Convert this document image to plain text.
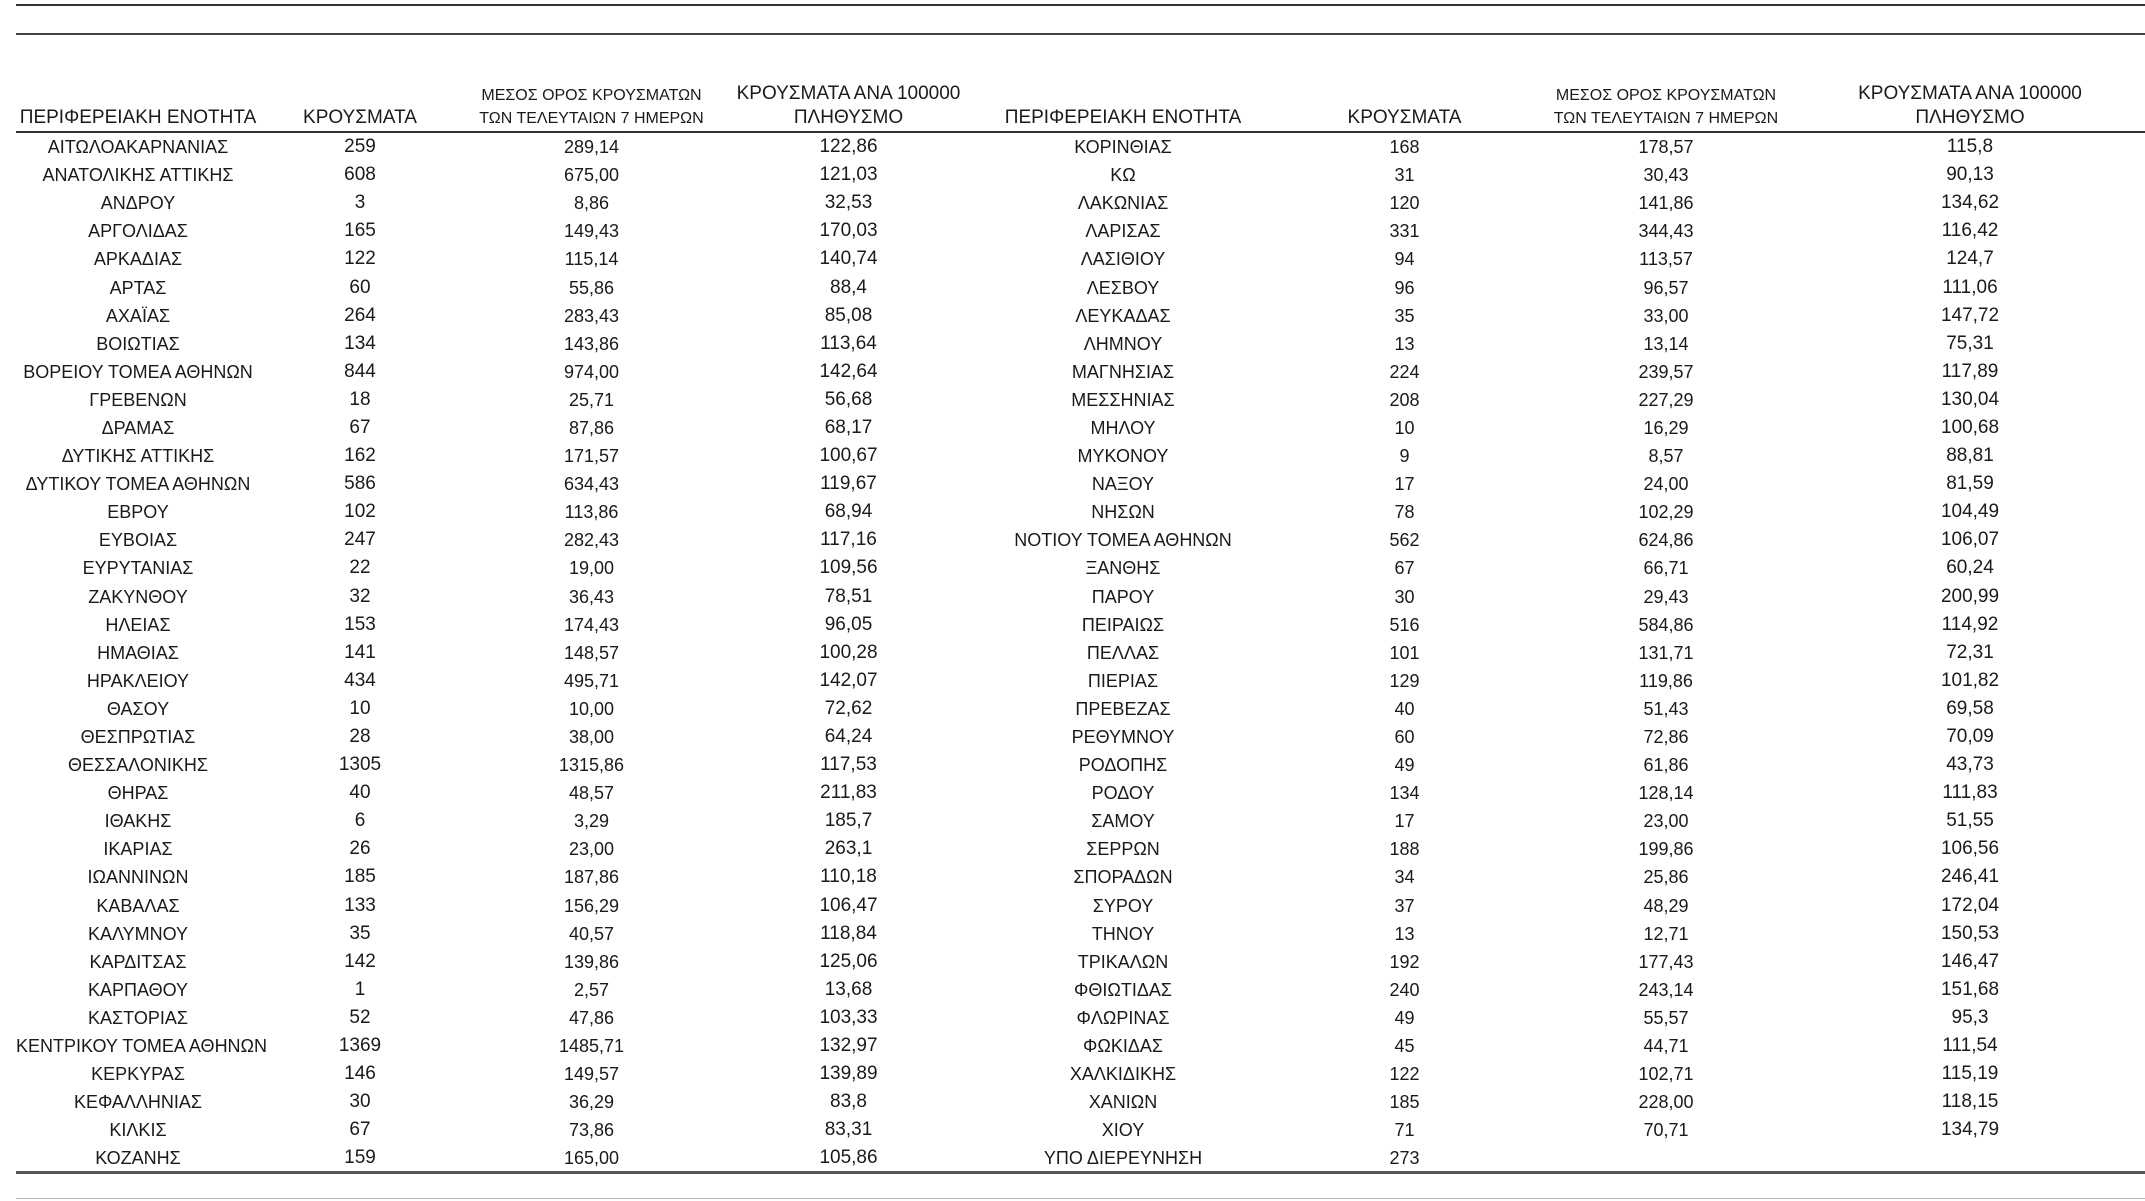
ΠΕΡΙΦΕΡΕΙΑΚΗ ΕΝΟΤΗΤΑ	ΚΡΟΥΣΜΑΤΑ	ΜΕΣΟΣ ΟΡΟΣ ΚΡΟΥΣΜΑΤΩΝ
ΤΩΝ ΤΕΛΕΥΤΑΙΩΝ 7 ΗΜΕΡΩΝ	ΚΡΟΥΣΜΑΤΑ ΑΝΑ 100000
ΠΛΗΘΥΣΜΟ	ΠΕΡΙΦΕΡΕΙΑΚΗ ΕΝΟΤΗΤΑ	ΚΡΟΥΣΜΑΤΑ	ΜΕΣΟΣ ΟΡΟΣ ΚΡΟΥΣΜΑΤΩΝ
ΤΩΝ ΤΕΛΕΥΤΑΙΩΝ 7 ΗΜΕΡΩΝ	ΚΡΟΥΣΜΑΤΑ ΑΝΑ 100000
ΠΛΗΘΥΣΜΟ

ΑΙΤΩΛΟΑΚΑΡΝΑΝΙΑΣ	259	289,14	122,86	ΚΟΡΙΝΘΙΑΣ	168	178,57	115,8
ΑΝΑΤΟΛΙΚΗΣ ΑΤΤΙΚΗΣ	608	675,00	121,03	ΚΩ	31	30,43	90,13
ΑΝΔΡΟΥ	3	8,86	32,53	ΛΑΚΩΝΙΑΣ	120	141,86	134,62
ΑΡΓΟΛΙΔΑΣ	165	149,43	170,03	ΛΑΡΙΣΑΣ	331	344,43	116,42
ΑΡΚΑΔΙΑΣ	122	115,14	140,74	ΛΑΣΙΘΙΟΥ	94	113,57	124,7
ΑΡΤΑΣ	60	55,86	88,4	ΛΕΣΒΟΥ	96	96,57	111,06
ΑΧΑΪΑΣ	264	283,43	85,08	ΛΕΥΚΑΔΑΣ	35	33,00	147,72
ΒΟΙΩΤΙΑΣ	134	143,86	113,64	ΛΗΜΝΟΥ	13	13,14	75,31
ΒΟΡΕΙΟΥ ΤΟΜΕΑ ΑΘΗΝΩΝ	844	974,00	142,64	ΜΑΓΝΗΣΙΑΣ	224	239,57	117,89
ΓΡΕΒΕΝΩΝ	18	25,71	56,68	ΜΕΣΣΗΝΙΑΣ	208	227,29	130,04
ΔΡΑΜΑΣ	67	87,86	68,17	ΜΗΛΟΥ	10	16,29	100,68
ΔΥΤΙΚΗΣ ΑΤΤΙΚΗΣ	162	171,57	100,67	ΜΥΚΟΝΟΥ	9	8,57	88,81
ΔΥΤΙΚΟΥ ΤΟΜΕΑ ΑΘΗΝΩΝ	586	634,43	119,67	ΝΑΞΟΥ	17	24,00	81,59
ΕΒΡΟΥ	102	113,86	68,94	ΝΗΣΩΝ	78	102,29	104,49
ΕΥΒΟΙΑΣ	247	282,43	117,16	ΝΟΤΙΟΥ ΤΟΜΕΑ ΑΘΗΝΩΝ	562	624,86	106,07
ΕΥΡΥΤΑΝΙΑΣ	22	19,00	109,56	ΞΑΝΘΗΣ	67	66,71	60,24
ΖΑΚΥΝΘΟΥ	32	36,43	78,51	ΠΑΡΟΥ	30	29,43	200,99
ΗΛΕΙΑΣ	153	174,43	96,05	ΠΕΙΡΑΙΩΣ	516	584,86	114,92
ΗΜΑΘΙΑΣ	141	148,57	100,28	ΠΕΛΛΑΣ	101	131,71	72,31
ΗΡΑΚΛΕΙΟΥ	434	495,71	142,07	ΠΙΕΡΙΑΣ	129	119,86	101,82
ΘΑΣΟΥ	10	10,00	72,62	ΠΡΕΒΕΖΑΣ	40	51,43	69,58
ΘΕΣΠΡΩΤΙΑΣ	28	38,00	64,24	ΡΕΘΥΜΝΟΥ	60	72,86	70,09
ΘΕΣΣΑΛΟΝΙΚΗΣ	1305	1315,86	117,53	ΡΟΔΟΠΗΣ	49	61,86	43,73
ΘΗΡΑΣ	40	48,57	211,83	ΡΟΔΟΥ	134	128,14	111,83
ΙΘΑΚΗΣ	6	3,29	185,7	ΣΑΜΟΥ	17	23,00	51,55
ΙΚΑΡΙΑΣ	26	23,00	263,1	ΣΕΡΡΩΝ	188	199,86	106,56
ΙΩΑΝΝΙΝΩΝ	185	187,86	110,18	ΣΠΟΡΑΔΩΝ	34	25,86	246,41
ΚΑΒΑΛΑΣ	133	156,29	106,47	ΣΥΡΟΥ	37	48,29	172,04
ΚΑΛΥΜΝΟΥ	35	40,57	118,84	ΤΗΝΟΥ	13	12,71	150,53
ΚΑΡΔΙΤΣΑΣ	142	139,86	125,06	ΤΡΙΚΑΛΩΝ	192	177,43	146,47
ΚΑΡΠΑΘΟΥ	1	2,57	13,68	ΦΘΙΩΤΙΔΑΣ	240	243,14	151,68
ΚΑΣΤΟΡΙΑΣ	52	47,86	103,33	ΦΛΩΡΙΝΑΣ	49	55,57	95,3
ΚΕΝΤΡΙΚΟΥ ΤΟΜΕΑ ΑΘΗΝΩΝ	1369	1485,71	132,97	ΦΩΚΙΔΑΣ	45	44,71	111,54
ΚΕΡΚΥΡΑΣ	146	149,57	139,89	ΧΑΛΚΙΔΙΚΗΣ	122	102,71	115,19
ΚΕΦΑΛΛΗΝΙΑΣ	30	36,29	83,8	ΧΑΝΙΩΝ	185	228,00	118,15
ΚΙΛΚΙΣ	67	73,86	83,31	ΧΙΟΥ	71	70,71	134,79
ΚΟΖΑΝΗΣ	159	165,00	105,86	ΥΠΟ ΔΙΕΡΕΥΝΗΣΗ	273		
